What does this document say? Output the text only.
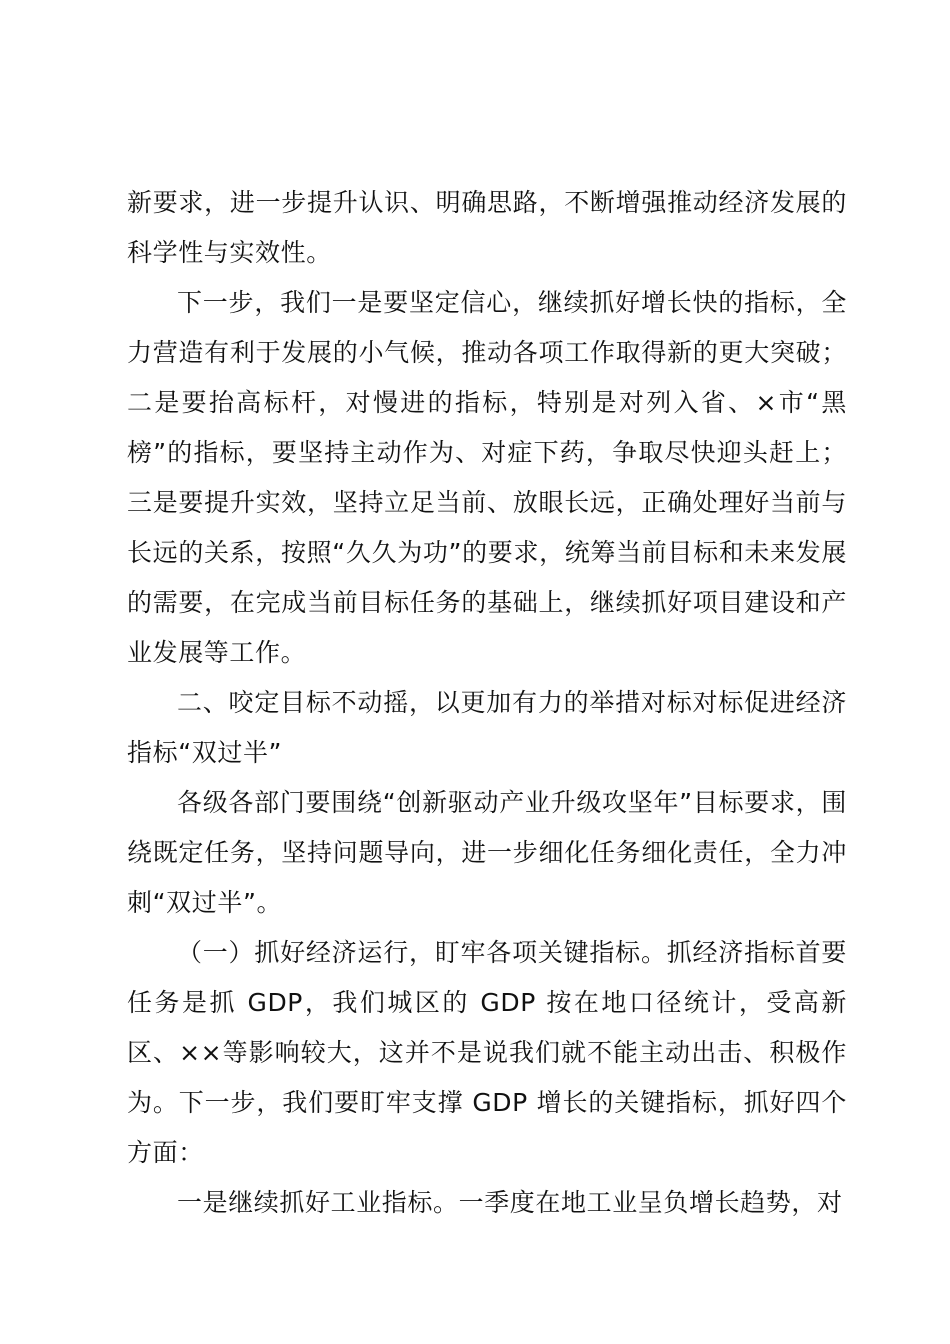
新要求，进一步提升认识、明确思路，不断增强推动经济发展的科学性与实效性。

下一步，我们一是要坚定信心，继续抓好增长快的指标，全力营造有利于发展的小气候，推动各项工作取得新的更大突破；二是要抬高标杆，对慢进的指标，特别是对列入省、×市“黑榜”的指标，要坚持主动作为、对症下药，争取尽快迎头赶上；三是要提升实效，坚持立足当前、放眼长远，正确处理好当前与长远的关系，按照“久久为功”的要求，统筹当前目标和未来发展的需要，在完成当前目标任务的基础上，继续抓好项目建设和产业发展等工作。

二、咬定目标不动摇，以更加有力的举措对标对标促进经济指标“双过半”

各级各部门要围绕“创新驱动产业升级攻坚年”目标要求，围绕既定任务，坚持问题导向，进一步细化任务细化责任，全力冲刺“双过半”。

（一）抓好经济运行，盯牢各项关键指标。抓经济指标首要任务是抓 GDP，我们城区的 GDP 按在地口径统计，受高新区、××等影响较大，这并不是说我们就不能主动出击、积极作为。下一步，我们要盯牢支撑 GDP 增长的关键指标，抓好四个方面：

一是继续抓好工业指标。一季度在地工业呈负增长趋势，对
